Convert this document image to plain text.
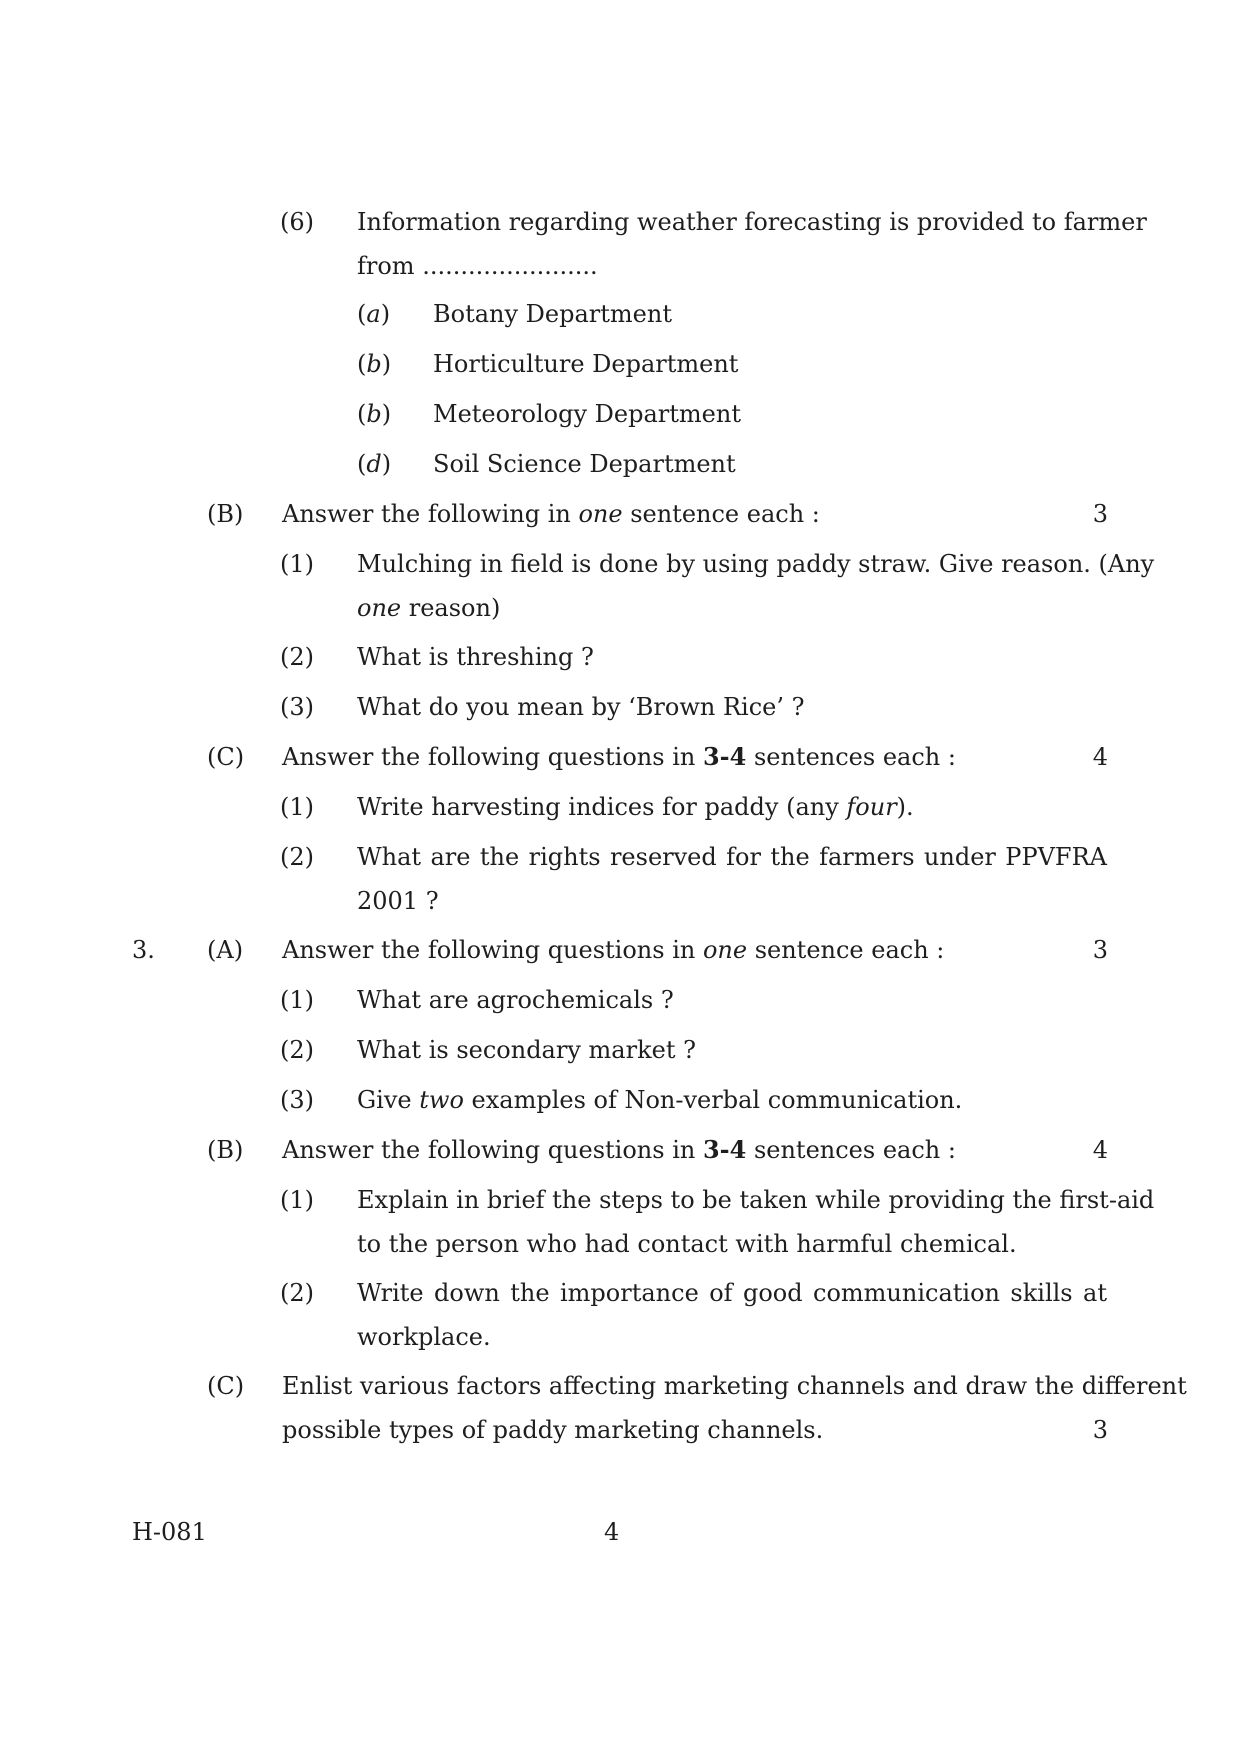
(6) Information regarding weather forecasting is provided to farmer
from .......................
(a) Botany Department
(b) Horticulture Department
(b) Meteorology Department
(d) Soil Science Department
(B) Answer the following in one sentence each :	3
(1) Mulching in field is done by using paddy straw. Give reason. (Any
one reason)
(2) What is threshing ?
(3) What do you mean by ‘Brown Rice’ ?
(C) Answer the following questions in 3-4 sentences each :	4
(1) Write harvesting indices for paddy (any four).
(2) What are the rights reserved for the farmers under PPVFRA
2001 ?
3. (A) Answer the following questions in one sentence each :	3
(1) What are agrochemicals ?
(2) What is secondary market ?
(3) Give two examples of Non-verbal communication.
(B) Answer the following questions in 3-4 sentences each :	4
(1) Explain in brief the steps to be taken while providing the first-aid
to the person who had contact with harmful chemical.
(2) Write down the importance of good communication skills at
workplace.
(C) Enlist various factors affecting marketing channels and draw the different
possible types of paddy marketing channels.	3
H-081	4
